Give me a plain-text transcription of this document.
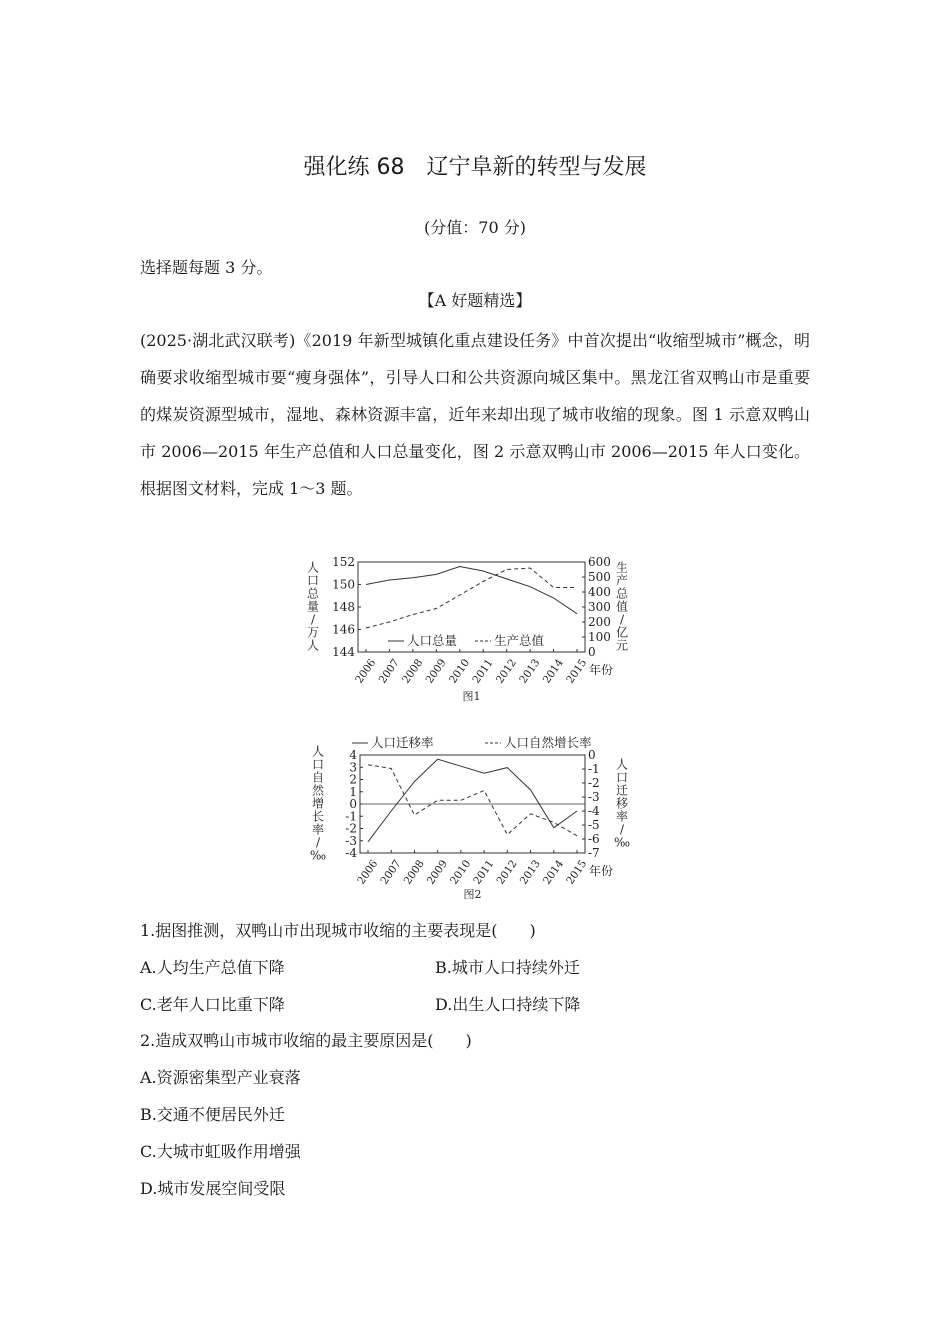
强化练 68　辽宁阜新的转型与发展
(分值：70 分)
选择题每题 3 分。
【A 好题精选】
(2025·湖北武汉联考)《2019 年新型城镇化重点建设任务》中首次提出“收缩型城市”概念，明确要求收缩型城市要“瘦身强体”，引导人口和公共资源向城区集中。黑龙江省双鸭山市是重要的煤炭资源型城市，湿地、森林资源丰富，近年来却出现了城市收缩的现象。图 1 示意双鸭山市 2006—2015 年生产总值和人口总量变化，图 2 示意双鸭山市 2006—2015 年人口变化。根据图文材料，完成 1～3 题。
144
146
148
150
152
0
100
200
300
400
500
600
2006
2007
2008
2009
2010
2011
2012
2013
2014
2015 年份
人
口
总
量
/
万
人
生
产
总
值
/
亿
元
人口总量	生产总值
图1
-4
-3
-2
-1
0
1
2
3
4
-7
-6
-5
-4
-3
-2
-1
0
2006
2007
2008
2009
2010
2011
2012
2013
2014
2015 年份
人
口
自
然
增
长
率
/
‰
人
口
迁
移
率
/
‰
人口自然增长率
人口迁移率
图2
1.据图推测，双鸭山市出现城市收缩的主要表现是(　　)
A.人均生产总值下降	B.城市人口持续外迁
C.老年人口比重下降	D.出生人口持续下降
2.造成双鸭山市城市收缩的最主要原因是(　　)
A.资源密集型产业衰落
B.交通不便居民外迁
C.大城市虹吸作用增强
D.城市发展空间受限
